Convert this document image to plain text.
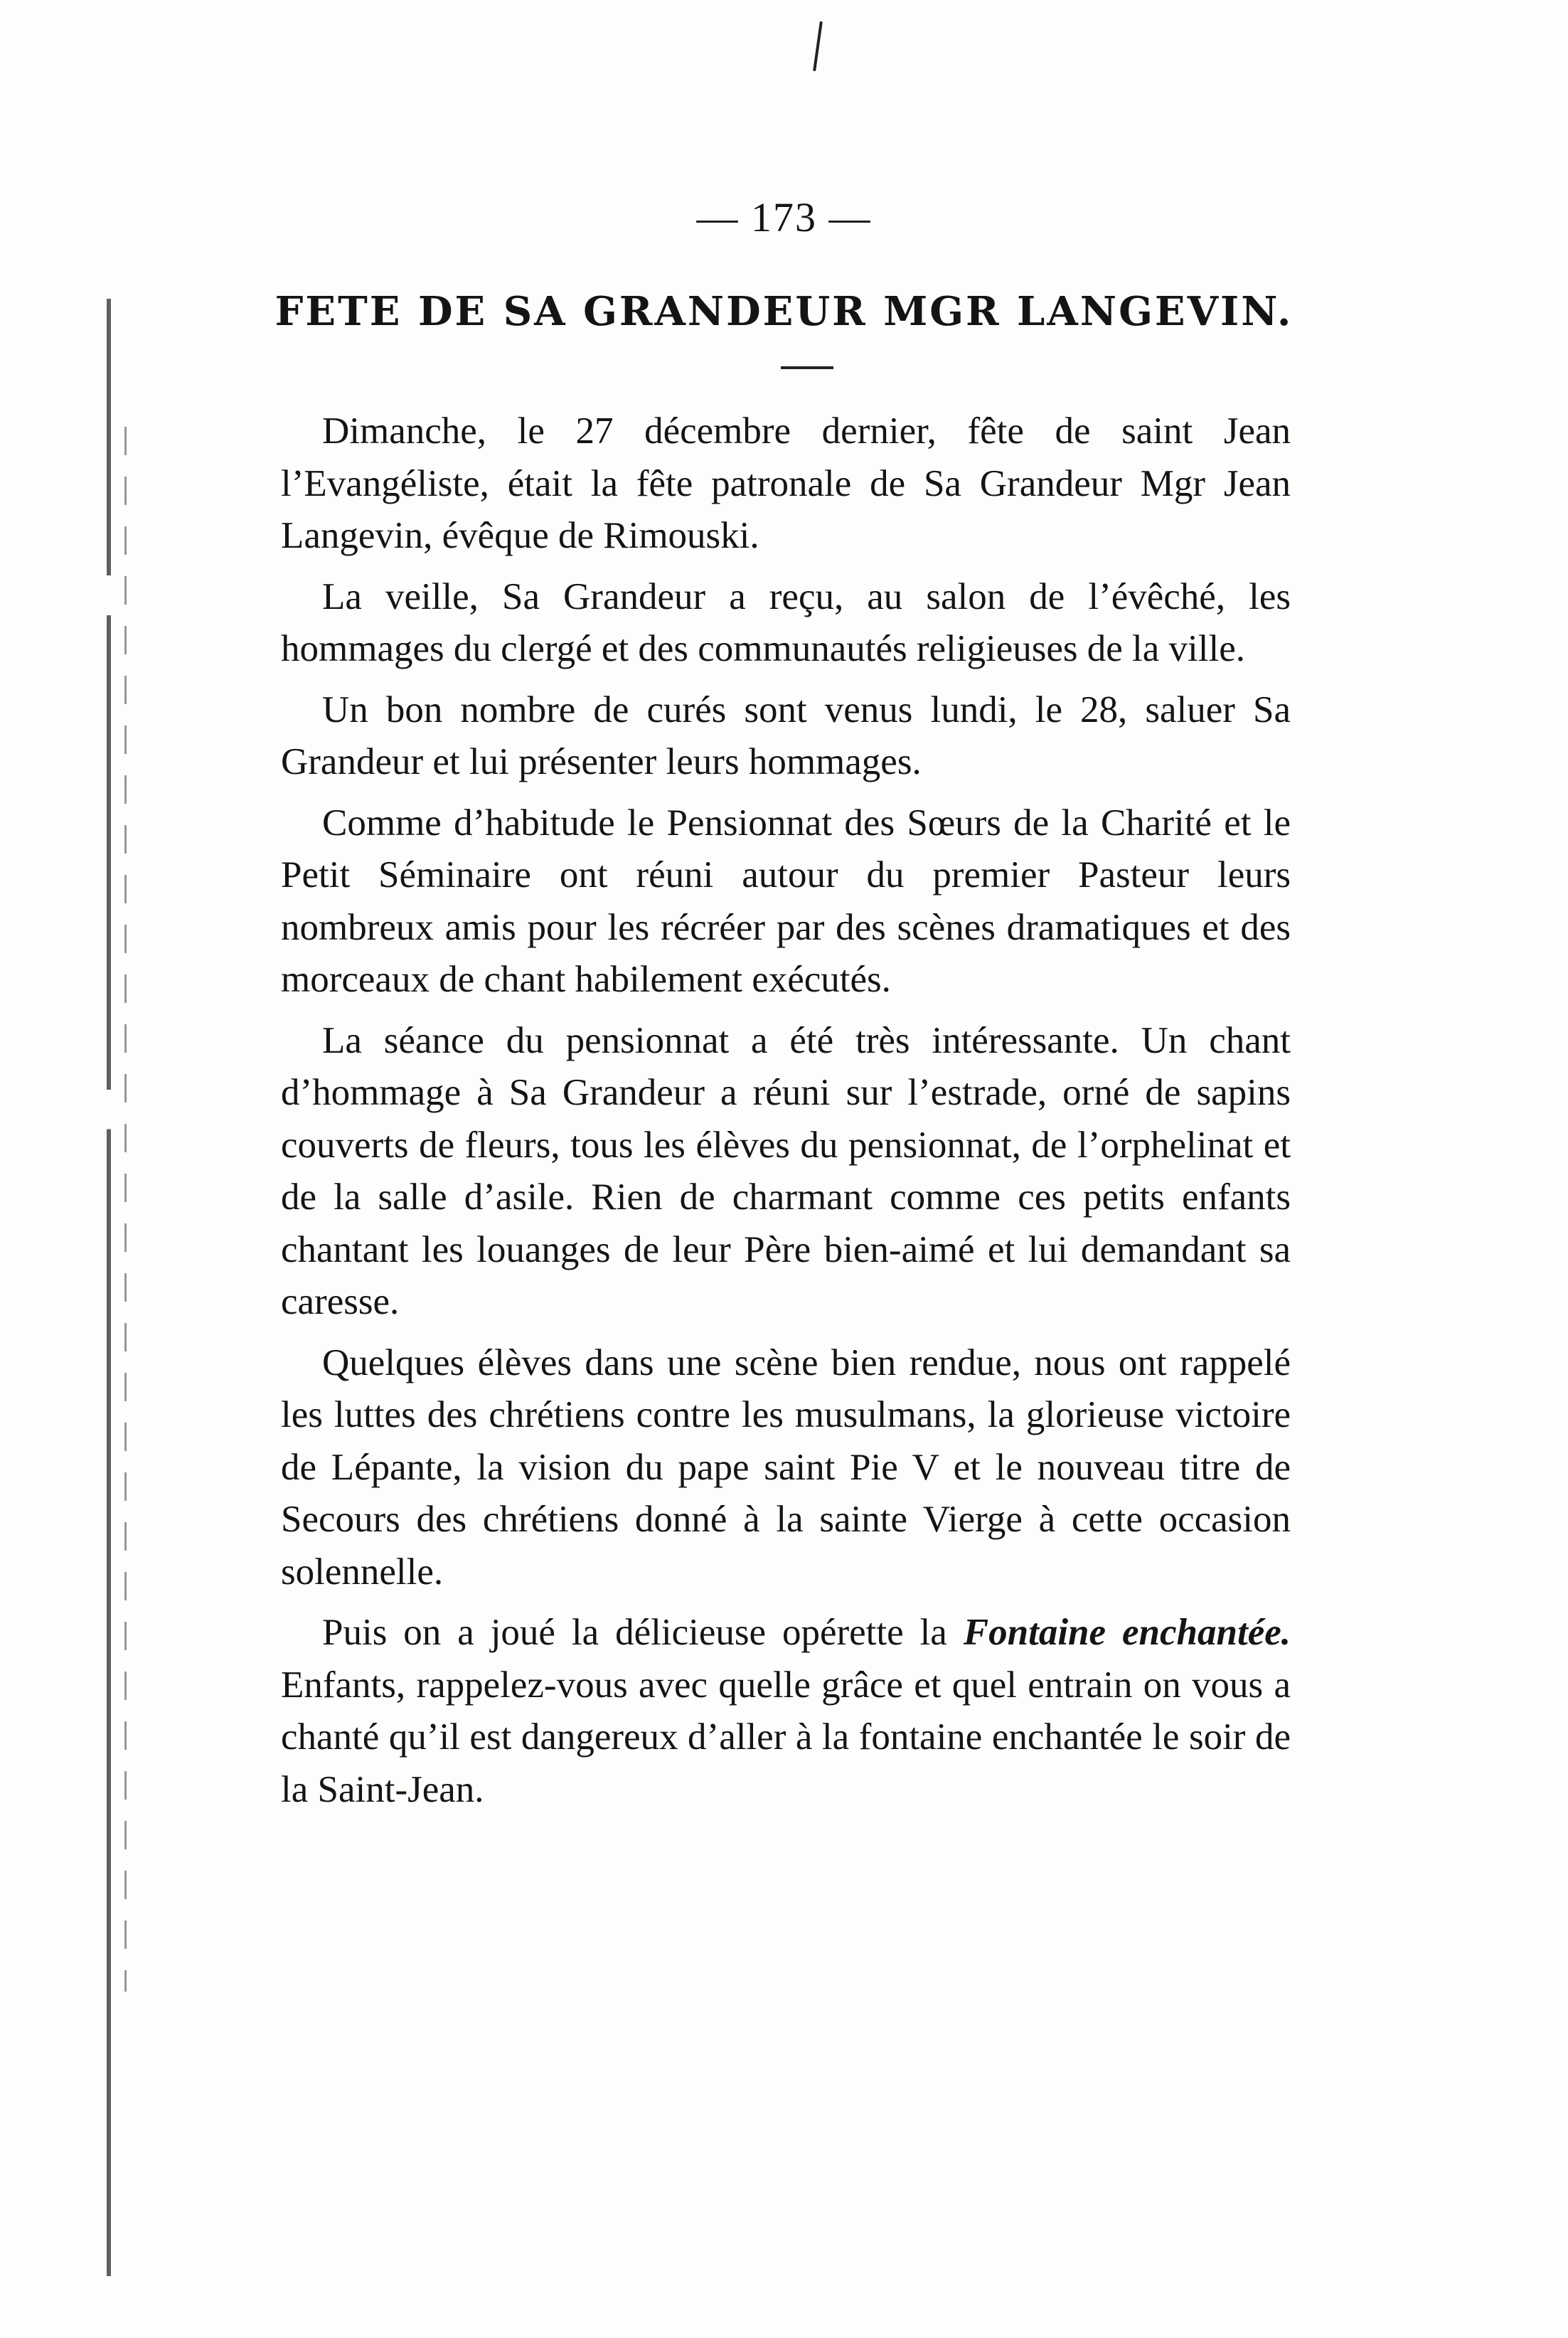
— 173 —
FETE DE SA GRANDEUR MGR LANGEVIN.

Dimanche, le 27 décembre dernier, fête de saint Jean l’Evangéliste, était la fête patronale de Sa Grandeur Mgr Jean Langevin, évêque de Rimouski.

La veille, Sa Grandeur a reçu, au salon de l’évêché, les hommages du clergé et des communautés religieuses de la ville.

Un bon nombre de curés sont venus lundi, le 28, saluer Sa Grandeur et lui présenter leurs hommages.

Comme d’habitude le Pensionnat des Sœurs de la Charité et le Petit Séminaire ont réuni autour du premier Pasteur leurs nombreux amis pour les récréer par des scènes dramatiques et des morceaux de chant habilement exécutés.

La séance du pensionnat a été très intéressante. Un chant d’hommage à Sa Grandeur a réuni sur l’estrade, orné de sapins couverts de fleurs, tous les élèves du pensionnat, de l’orphelinat et de la salle d’asile. Rien de charmant comme ces petits enfants chantant les louanges de leur Père bien-aimé et lui demandant sa caresse.

Quelques élèves dans une scène bien rendue, nous ont rappelé les luttes des chrétiens contre les musulmans, la glorieuse victoire de Lépante, la vision du pape saint Pie V et le nouveau titre de Secours des chrétiens donné à la sainte Vierge à cette occasion solennelle.

Puis on a joué la délicieuse opérette la Fontaine enchantée. Enfants, rappelez-vous avec quelle grâce et quel entrain on vous a chanté qu’il est dangereux d’aller à la fontaine enchantée le soir de la Saint-Jean.
